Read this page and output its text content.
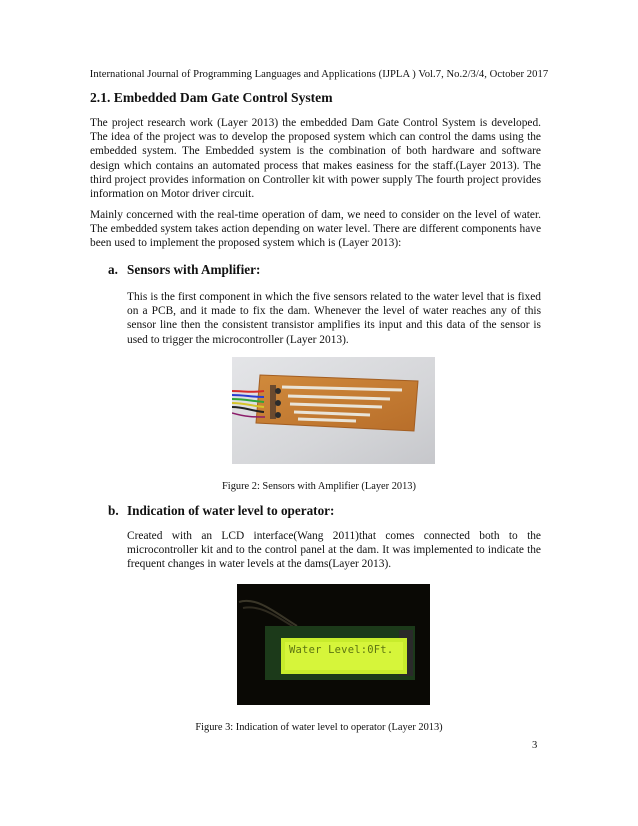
International Journal of Programming Languages and Applications (IJPLA ) Vol.7, No.2/3/4, October 2017
2.1. Embedded Dam Gate Control System

The project research work (Layer 2013) the embedded Dam Gate Control System is developed. The idea of the project was to develop the proposed system which can control the dams using the embedded system. The Embedded system is the combination of both hardware and software design which contains an automated process that makes easiness for the staff.(Layer 2013). The third project provides information on Controller kit with power supply The fourth project provides information on Motor driver circuit.

Mainly concerned with the real-time operation of dam, we need to consider on the level of water. The embedded system takes action depending on water level. There are different components have been used to implement the proposed system which is (Layer 2013):

a. Sensors with Amplifier:

This is the first component in which the five sensors related to the water level that is fixed on a PCB, and it made to fix the dam. Whenever the level of water reaches any of this sensor line then the consistent transistor amplifies its input and this data of the sensor is used to trigger the microcontroller (Layer 2013).

Figure 2: Sensors with Amplifier (Layer 2013)
b. Indication of water level to operator:

Created with an LCD interface(Wang 2011)that comes connected both to the microcontroller kit and to the control panel at the dam. It was implemented to indicate the frequent changes in water levels at the dams(Layer 2013).

Water Level:0Ft.
Figure 3: Indication of water level to operator (Layer 2013)
3
